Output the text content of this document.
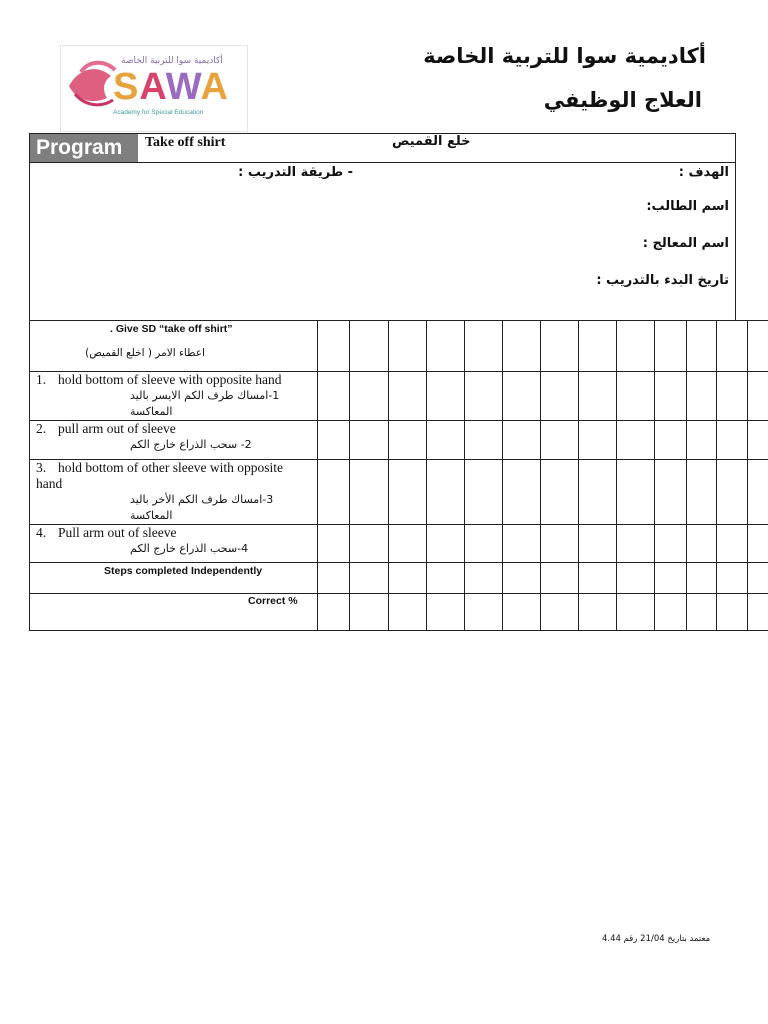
أكاديمية سوا للتربية الخاصة
SAWA
Academy for Special Education
أكاديمية سوا للتربية الخاصة
العلاج الوظيفي
Program	Take off shirt	خلع القميص
الهدف :
- طريقة التدريب :
اسم الطالب:
اسم المعالج :
تاريخ البدء بالتدريب :
. Give SD “take off shirt”
اعطاء الامر ( اخلع القميص)													

1. hold bottom of sleeve with opposite hand
1-امساك طرف الكم الايسر باليد المعاكسة													

2. pull arm out of sleeve
2- سحب الذراع خارج الكم													

3. hold bottom of other sleeve with opposite hand
3-امساك طرف الكم الأخر باليد المعاكسة													

4. Pull arm out of sleeve
4-سحب الذراع خارج الكم													

Steps completed Independently													

Correct %													

معتمد بتاريخ 21/04 رقم 4.44
